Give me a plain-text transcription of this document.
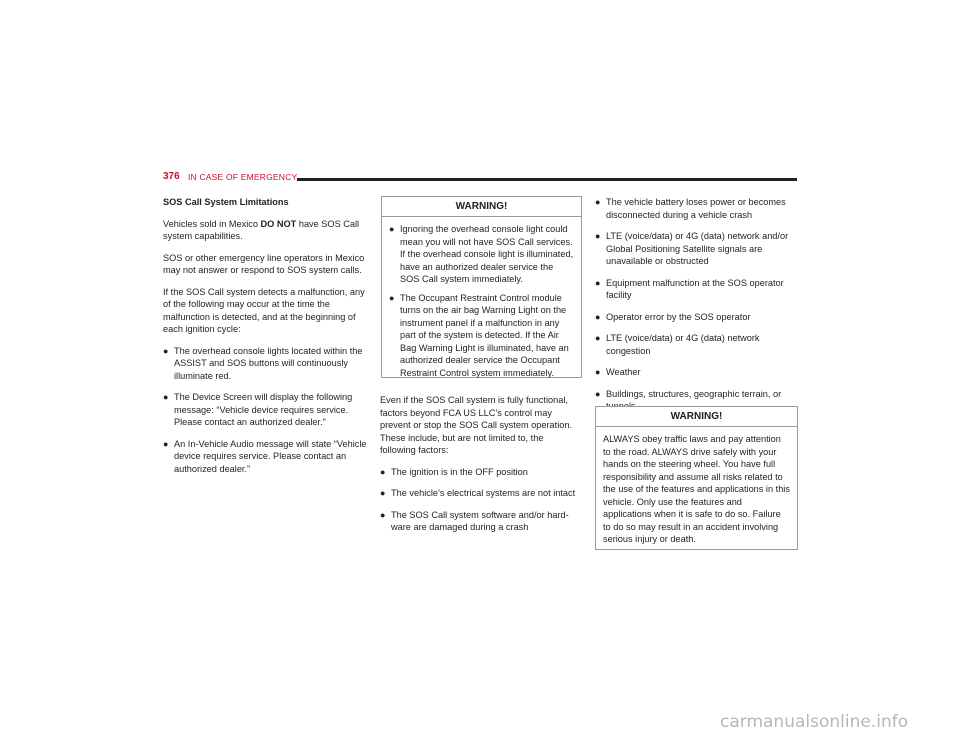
376 IN CASE OF EMERGENCY

SOS Call System Limitations

Vehicles sold in Mexico DO NOT have SOS Call system capabilities.

SOS or other emergency line operators in Mexico may not answer or respond to SOS system calls.

If the SOS Call system detects a malfunction, any of the following may occur at the time the malfunction is detected, and at the beginning of each ignition cycle:

● The overhead console lights located within the ASSIST and SOS buttons will continuously illuminate red.
● The Device Screen will display the following message: “Vehicle device requires service. Please contact an authorized dealer.”
● An In-Vehicle Audio message will state “Vehicle device requires service. Please contact an authorized dealer.”
WARNING!
● Ignoring the overhead console light could mean you will not have SOS Call services. If the overhead console light is illuminated, have an authorized dealer service the SOS Call system immediately.
● The Occupant Restraint Control module turns on the air bag Warning Light on the instrument panel if a malfunction in any part of the system is detected. If the Air Bag Warning Light is illuminated, have an authorized dealer service the Occupant Restraint Control system immediately.

Even if the SOS Call system is fully functional, factors beyond FCA US LLC’s control may prevent or stop the SOS Call system operation. These include, but are not limited to, the following factors:

● The ignition is in the OFF position
● The vehicle’s electrical systems are not intact
● The SOS Call system software and/or hard-ware are damaged during a crash
● The vehicle battery loses power or becomes disconnected during a vehicle crash
● LTE (voice/data) or 4G (data) network and/or Global Positioning Satellite signals are unavailable or obstructed
● Equipment malfunction at the SOS operator facility
● Operator error by the SOS operator
● LTE (voice/data) or 4G (data) network congestion
● Weather
● Buildings, structures, geographic terrain, or
WARNING!
ALWAYS obey traffic laws and pay attention to the road. ALWAYS drive safely with your hands on the steering wheel. You have full responsibility and assume all risks related to the use of the features and applications in this vehicle. Only use the features and applications when it is safe to do so. Failure to do so may result in an accident involving serious injury or death.
carmanualsonline.info
